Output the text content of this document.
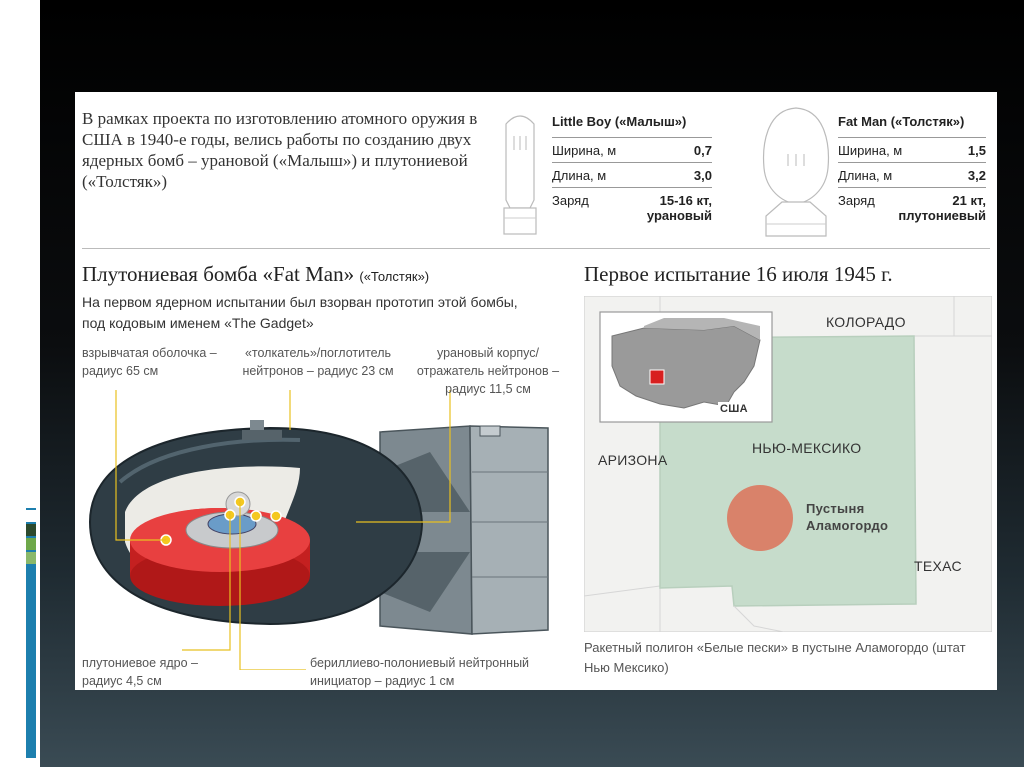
В рамках проекта по изготовлению атомного оружия в США в 1940-е годы, велись работы по созданию двух ядерных бомб – урановой («Малыш») и плутониевой («Толстяк»)
Little Boy («Малыш»)
Ширина, м	0,7
Длина, м	3,0
Заряд	15-16 кт, урановый
Fat Man («Толстяк»)
Ширина, м	1,5
Длина, м	3,2
Заряд	21 кт, плутониевый
Плутониевая бомба «Fat Man» («Толстяк»)
На первом ядерном испытании был взорван прототип этой бомбы, под кодовым именем «The Gadget»
Первое испытание 16 июля 1945 г.
взрывчатая оболочка – радиус 65 см
«толкатель»/поглотитель нейтронов – радиус 23 см
урановый корпус/ отражатель нейтронов – радиус 11,5 см
плутониевое ядро – радиус 4,5 см
бериллиево-полониевый нейтронный инициатор – радиус 1 см
КОЛОРАДО
АРИЗОНА
НЬЮ-МЕКСИКО
ТЕХАС
Пустыня Аламогордо
США
Ракетный полигон «Белые пески» в пустыне Аламогордо (штат Нью Мексико)
